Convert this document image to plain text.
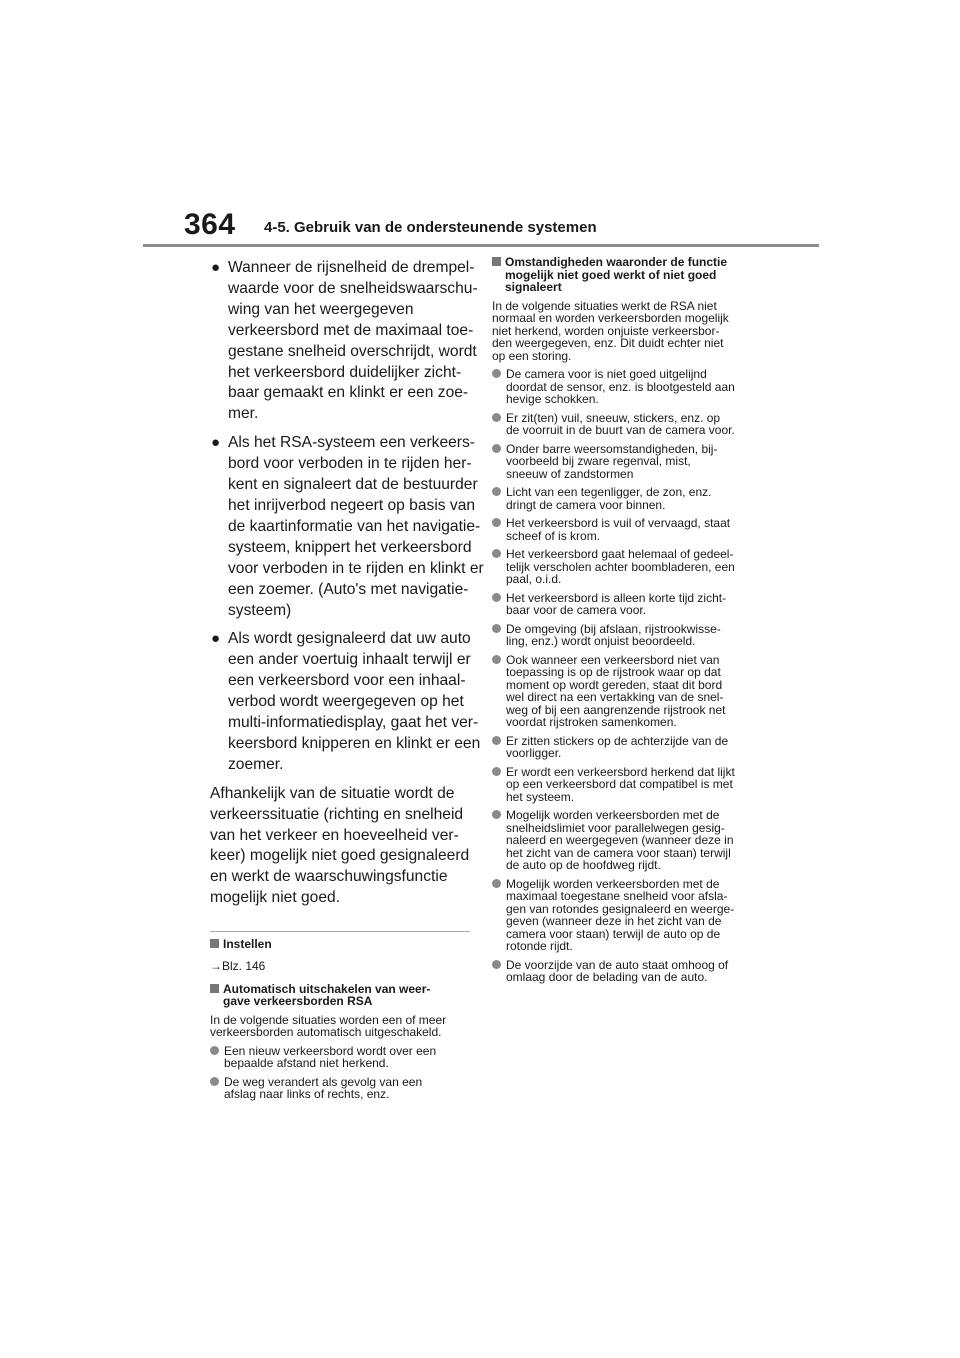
364 4-5. Gebruik van de ondersteunende systemen
● Wanneer de rijsnelheid de drempel-
waarde voor de snelheidswaarschu-
wing van het weergegeven
verkeersbord met de maximaal toe-
gestane snelheid overschrijdt, wordt
het verkeersbord duidelijker zicht-
baar gemaakt en klinkt er een zoe-
mer.
● Als het RSA-systeem een verkeers-
bord voor verboden in te rijden her-
kent en signaleert dat de bestuurder
het inrijverbod negeert op basis van
de kaartinformatie van het navigatie-
systeem, knippert het verkeersbord
voor verboden in te rijden en klinkt er
een zoemer. (Auto's met navigatie-
systeem)
● Als wordt gesignaleerd dat uw auto
een ander voertuig inhaalt terwijl er
een verkeersbord voor een inhaal-
verbod wordt weergegeven op het
multi-informatiedisplay, gaat het ver-
keersbord knipperen en klinkt er een
zoemer.
Afhankelijk van de situatie wordt de
verkeerssituatie (richting en snelheid
van het verkeer en hoeveelheid ver-
keer) mogelijk niet goed gesignaleerd
en werkt de waarschuwingsfunctie
mogelijk niet goed.
Instellen
→Blz. 146
Automatisch uitschakelen van weer-
gave verkeersborden RSA
In de volgende situaties worden een of meer
verkeersborden automatisch uitgeschakeld.
Een nieuw verkeersbord wordt over een
bepaalde afstand niet herkend.
De weg verandert als gevolg van een
afslag naar links of rechts, enz.
Omstandigheden waaronder de functie
mogelijk niet goed werkt of niet goed
signaleert
In de volgende situaties werkt de RSA niet
normaal en worden verkeersborden mogelijk
niet herkend, worden onjuiste verkeersbor-
den weergegeven, enz. Dit duidt echter niet
op een storing.
De camera voor is niet goed uitgelijnd
doordat de sensor, enz. is blootgesteld aan
hevige schokken.
Er zit(ten) vuil, sneeuw, stickers, enz. op
de voorruit in de buurt van de camera voor.
Onder barre weersomstandigheden, bij-
voorbeeld bij zware regenval, mist,
sneeuw of zandstormen
Licht van een tegenligger, de zon, enz.
dringt de camera voor binnen.
Het verkeersbord is vuil of vervaagd, staat
scheef of is krom.
Het verkeersbord gaat helemaal of gedeel-
telijk verscholen achter boombladeren, een
paal, o.i.d.
Het verkeersbord is alleen korte tijd zicht-
baar voor de camera voor.
De omgeving (bij afslaan, rijstrookwisse-
ling, enz.) wordt onjuist beoordeeld.
Ook wanneer een verkeersbord niet van
toepassing is op de rijstrook waar op dat
moment op wordt gereden, staat dit bord
wel direct na een vertakking van de snel-
weg of bij een aangrenzende rijstrook net
voordat rijstroken samenkomen.
Er zitten stickers op de achterzijde van de
voorligger.
Er wordt een verkeersbord herkend dat lijkt
op een verkeersbord dat compatibel is met
het systeem.
Mogelijk worden verkeersborden met de
snelheidslimiet voor parallelwegen gesig-
naleerd en weergegeven (wanneer deze in
het zicht van de camera voor staan) terwijl
de auto op de hoofdweg rijdt.
Mogelijk worden verkeersborden met de
maximaal toegestane snelheid voor afsla-
gen van rotondes gesignaleerd en weerge-
geven (wanneer deze in het zicht van de
camera voor staan) terwijl de auto op de
rotonde rijdt.
De voorzijde van de auto staat omhoog of
omlaag door de belading van de auto.
